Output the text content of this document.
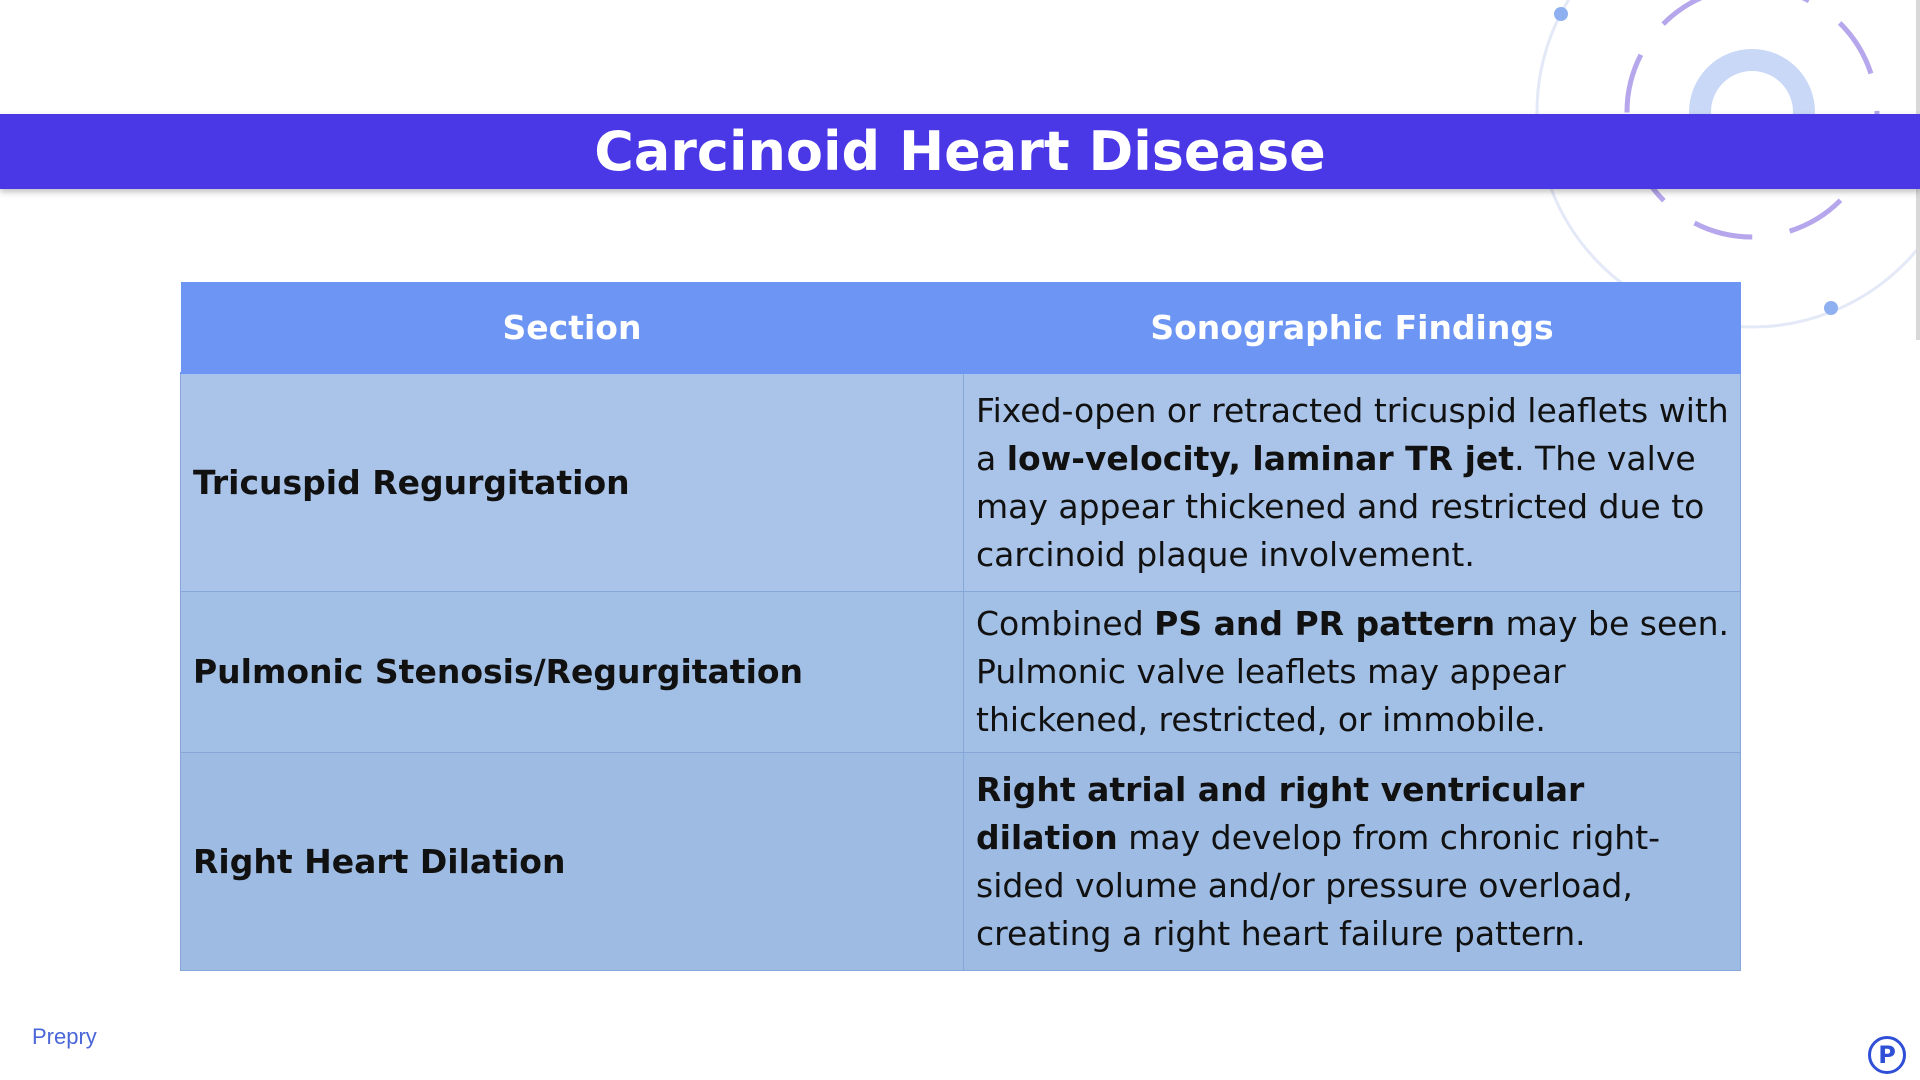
Carcinoid Heart Disease
Section	Sonographic Findings
Tricuspid Regurgitation	Fixed-open or retracted tricuspid leaflets with a low-velocity, laminar TR jet. The valve may appear thickened and restricted due to carcinoid plaque involvement.
Pulmonic Stenosis/Regurgitation	Combined PS and PR pattern may be seen. Pulmonic valve leaflets may appear thickened, restricted, or immobile.
Right Heart Dilation	Right atrial and right ventricular dilation may develop from chronic right-sided volume and/or pressure overload, creating a right heart failure pattern.
Prepry
P
